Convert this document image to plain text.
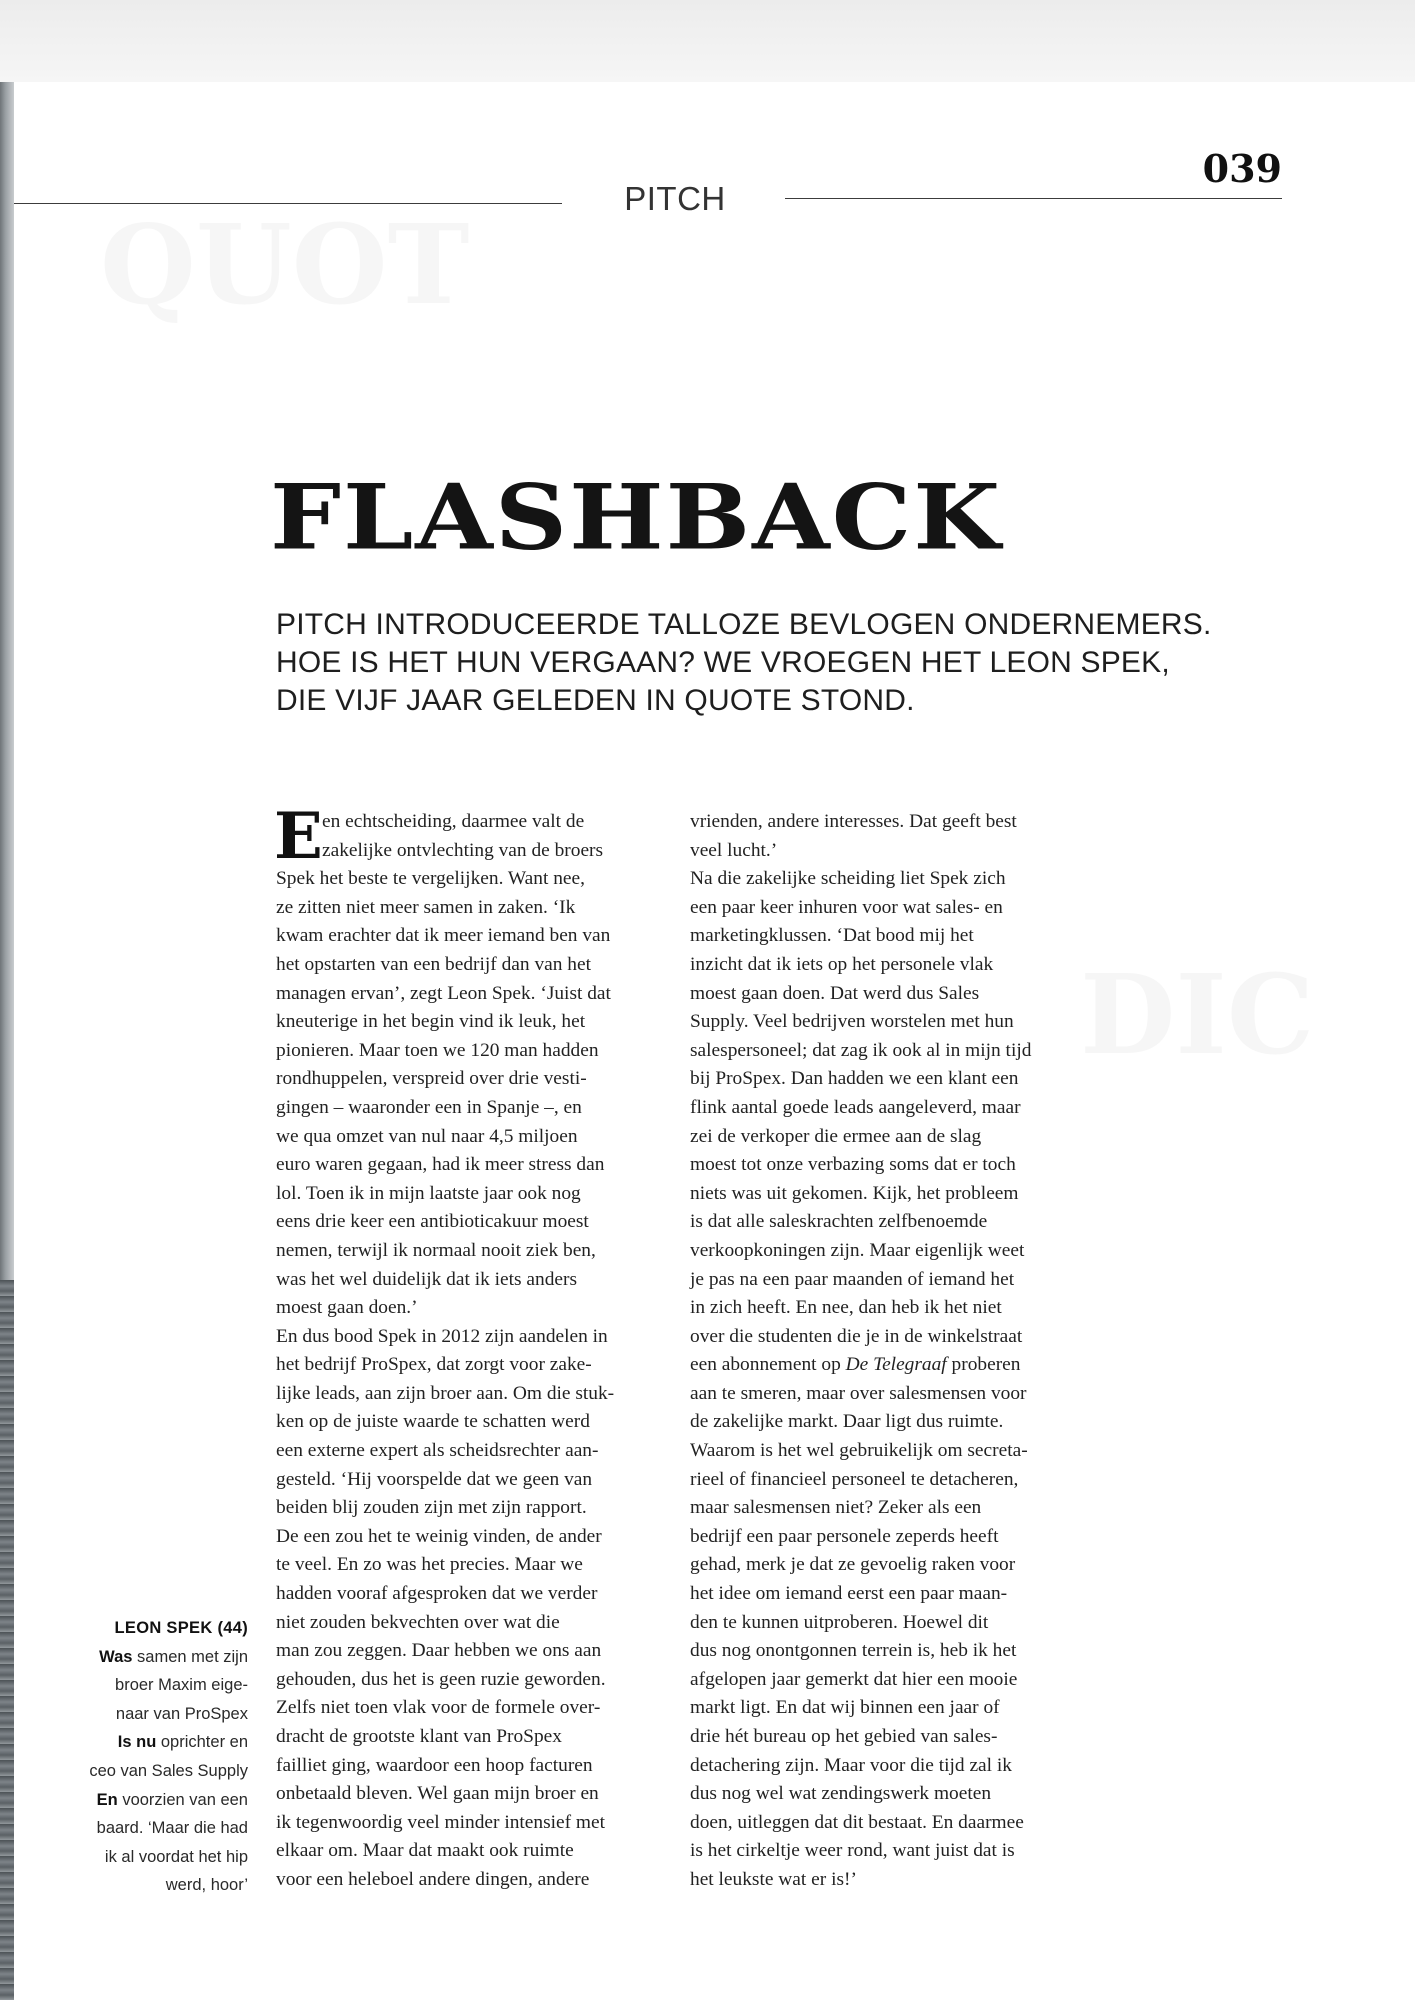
PITCH

039

FLASHBACK
PITCH INTRODUCEERDE TALLOZE BEVLOGEN ONDERNEMERS.
HOE IS HET HUN VERGAAN? WE VROEGEN HET LEON SPEK,
DIE VIJF JAAR GELEDEN IN QUOTE STOND.

E en echtscheiding, daarmee valt de
zakelijke ontvlechting van de broers
Spek het beste te vergelijken. Want nee,
ze zitten niet meer samen in zaken. ‘Ik
kwam erachter dat ik meer iemand ben van
het opstarten van een bedrijf dan van het
managen ervan’, zegt Leon Spek. ‘Juist dat
kneuterige in het begin vind ik leuk, het
pionieren. Maar toen we 120 man hadden
rondhuppelen, verspreid over drie vesti-
gingen – waaronder een in Spanje –, en
we qua omzet van nul naar 4,5 miljoen
euro waren gegaan, had ik meer stress dan
lol. Toen ik in mijn laatste jaar ook nog
eens drie keer een antibioticakuur moest
nemen, terwijl ik normaal nooit ziek ben,
was het wel duidelijk dat ik iets anders
moest gaan doen.’
En dus bood Spek in 2012 zijn aandelen in
het bedrijf ProSpex, dat zorgt voor zake-
lijke leads, aan zijn broer aan. Om die stuk-
ken op de juiste waarde te schatten werd
een externe expert als scheidsrechter aan-
gesteld. ‘Hij voorspelde dat we geen van
beiden blij zouden zijn met zijn rapport.
De een zou het te weinig vinden, de ander
te veel. En zo was het precies. Maar we
hadden vooraf afgesproken dat we verder
niet zouden bekvechten over wat die
man zou zeggen. Daar hebben we ons aan
gehouden, dus het is geen ruzie geworden.
Zelfs niet toen vlak voor de formele over-
dracht de grootste klant van ProSpex
failliet ging, waardoor een hoop facturen
onbetaald bleven. Wel gaan mijn broer en
ik tegenwoordig veel minder intensief met
elkaar om. Maar dat maakt ook ruimte
voor een heleboel andere dingen, andere
vrienden, andere interesses. Dat geeft best
veel lucht.’
Na die zakelijke scheiding liet Spek zich
een paar keer inhuren voor wat sales- en
marketingklussen. ‘Dat bood mij het
inzicht dat ik iets op het personele vlak
moest gaan doen. Dat werd dus Sales
Supply. Veel bedrijven worstelen met hun
salespersoneel; dat zag ik ook al in mijn tijd
bij ProSpex. Dan hadden we een klant een
flink aantal goede leads aangeleverd, maar
zei de verkoper die ermee aan de slag
moest tot onze verbazing soms dat er toch
niets was uit gekomen. Kijk, het probleem
is dat alle saleskrachten zelfbenoemde
verkoopkoningen zijn. Maar eigenlijk weet
je pas na een paar maanden of iemand het
in zich heeft. En nee, dan heb ik het niet
over die studenten die je in de winkelstraat
een abonnement op De Telegraaf proberen
aan te smeren, maar over salesmensen voor
de zakelijke markt. Daar ligt dus ruimte.
Waarom is het wel gebruikelijk om secreta-
rieel of financieel personeel te detacheren,
maar salesmensen niet? Zeker als een
bedrijf een paar personele zeperds heeft
gehad, merk je dat ze gevoelig raken voor
het idee om iemand eerst een paar maan-
den te kunnen uitproberen. Hoewel dit
dus nog onontgonnen terrein is, heb ik het
afgelopen jaar gemerkt dat hier een mooie
markt ligt. En dat wij binnen een jaar of
drie hét bureau op het gebied van sales-
detachering zijn. Maar voor die tijd zal ik
dus nog wel wat zendingswerk moeten
doen, uitleggen dat dit bestaat. En daarmee
is het cirkeltje weer rond, want juist dat is
het leukste wat er is!’
LEON SPEK (44)
Was samen met zijn
broer Maxim eige-
naar van ProSpex
Is nu oprichter en
ceo van Sales Supply
En voorzien van een
baard. ‘Maar die had
ik al voordat het hip
werd, hoor’
